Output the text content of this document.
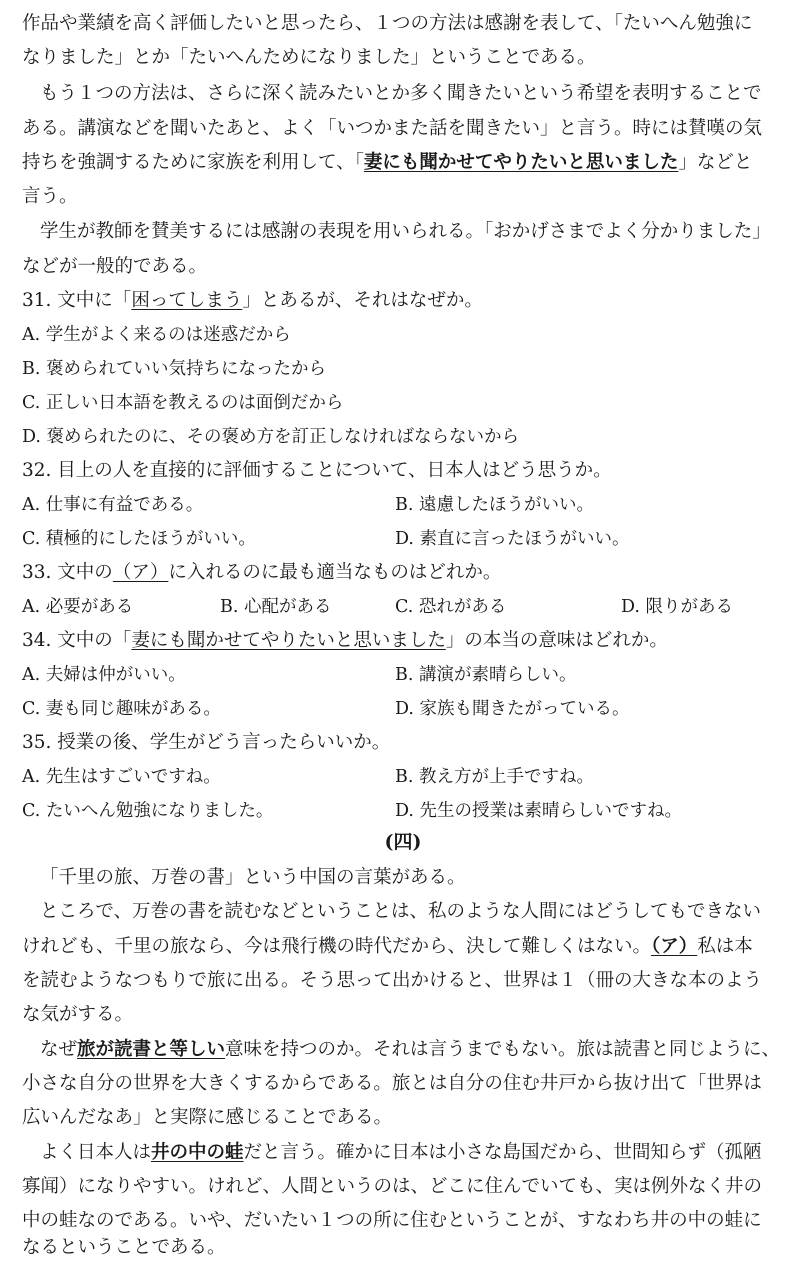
作品や業績を高く評価したいと思ったら、１つの方法は感謝を表して、「たいへん勉強に
なりました」とか「たいへんためになりました」ということである。
もう１つの方法は、さらに深く読みたいとか多く聞きたいという希望を表明することで
ある。講演などを聞いたあと、よく「いつかまた話を聞きたい」と言う。時には賛嘆の気
持ちを強調するために家族を利用して、「妻にも聞かせてやりたいと思いました」などと
言う。
学生が教師を賛美するには感謝の表現を用いられる。「おかげさまでよく分かりました」
などが一般的である。
31. 文中に「困ってしまう」とあるが、それはなぜか。
A. 学生がよく来るのは迷惑だから
B. 褒められていい気持ちになったから
C. 正しい日本語を教えるのは面倒だから
D. 褒められたのに、その褒め方を訂正しなければならないから
32. 目上の人を直接的に評価することについて、日本人はどう思うか。
A. 仕事に有益である。	B. 遠慮したほうがいい。
C. 積極的にしたほうがいい。	D. 素直に言ったほうがいい。
33. 文中の（ア）に入れるのに最も適当なものはどれか。
A. 必要がある	B. 心配がある	C. 恐れがある	D. 限りがある
34. 文中の「妻にも聞かせてやりたいと思いました」の本当の意味はどれか。
A. 夫婦は仲がいい。	B. 講演が素晴らしい。
C. 妻も同じ趣味がある。	D. 家族も聞きたがっている。
35. 授業の後、学生がどう言ったらいいか。
A. 先生はすごいですね。	B. 教え方が上手ですね。
C. たいへん勉強になりました。	D. 先生の授業は素晴らしいですね。
(四)
「千里の旅、万巻の書」という中国の言葉がある。
ところで、万巻の書を読むなどということは、私のような人間にはどうしてもできない
けれども、千里の旅なら、今は飛行機の時代だから、決して難しくはない。（ア）私は本
を読むようなつもりで旅に出る。そう思って出かけると、世界は１（冊の大きな本のよう
な気がする。
なぜ旅が読書と等しい意味を持つのか。それは言うまでもない。旅は読書と同じように、
小さな自分の世界を大きくするからである。旅とは自分の住む井戸から抜け出て「世界は
広いんだなあ」と実際に感じることである。
よく日本人は井の中の蛙だと言う。確かに日本は小さな島国だから、世間知らず（孤陋
寡闻）になりやすい。けれど、人間というのは、どこに住んでいても、実は例外なく井の
中の蛙なのである。いや、だいたい１つの所に住むということが、すなわち井の中の蛙に
なるということである。
